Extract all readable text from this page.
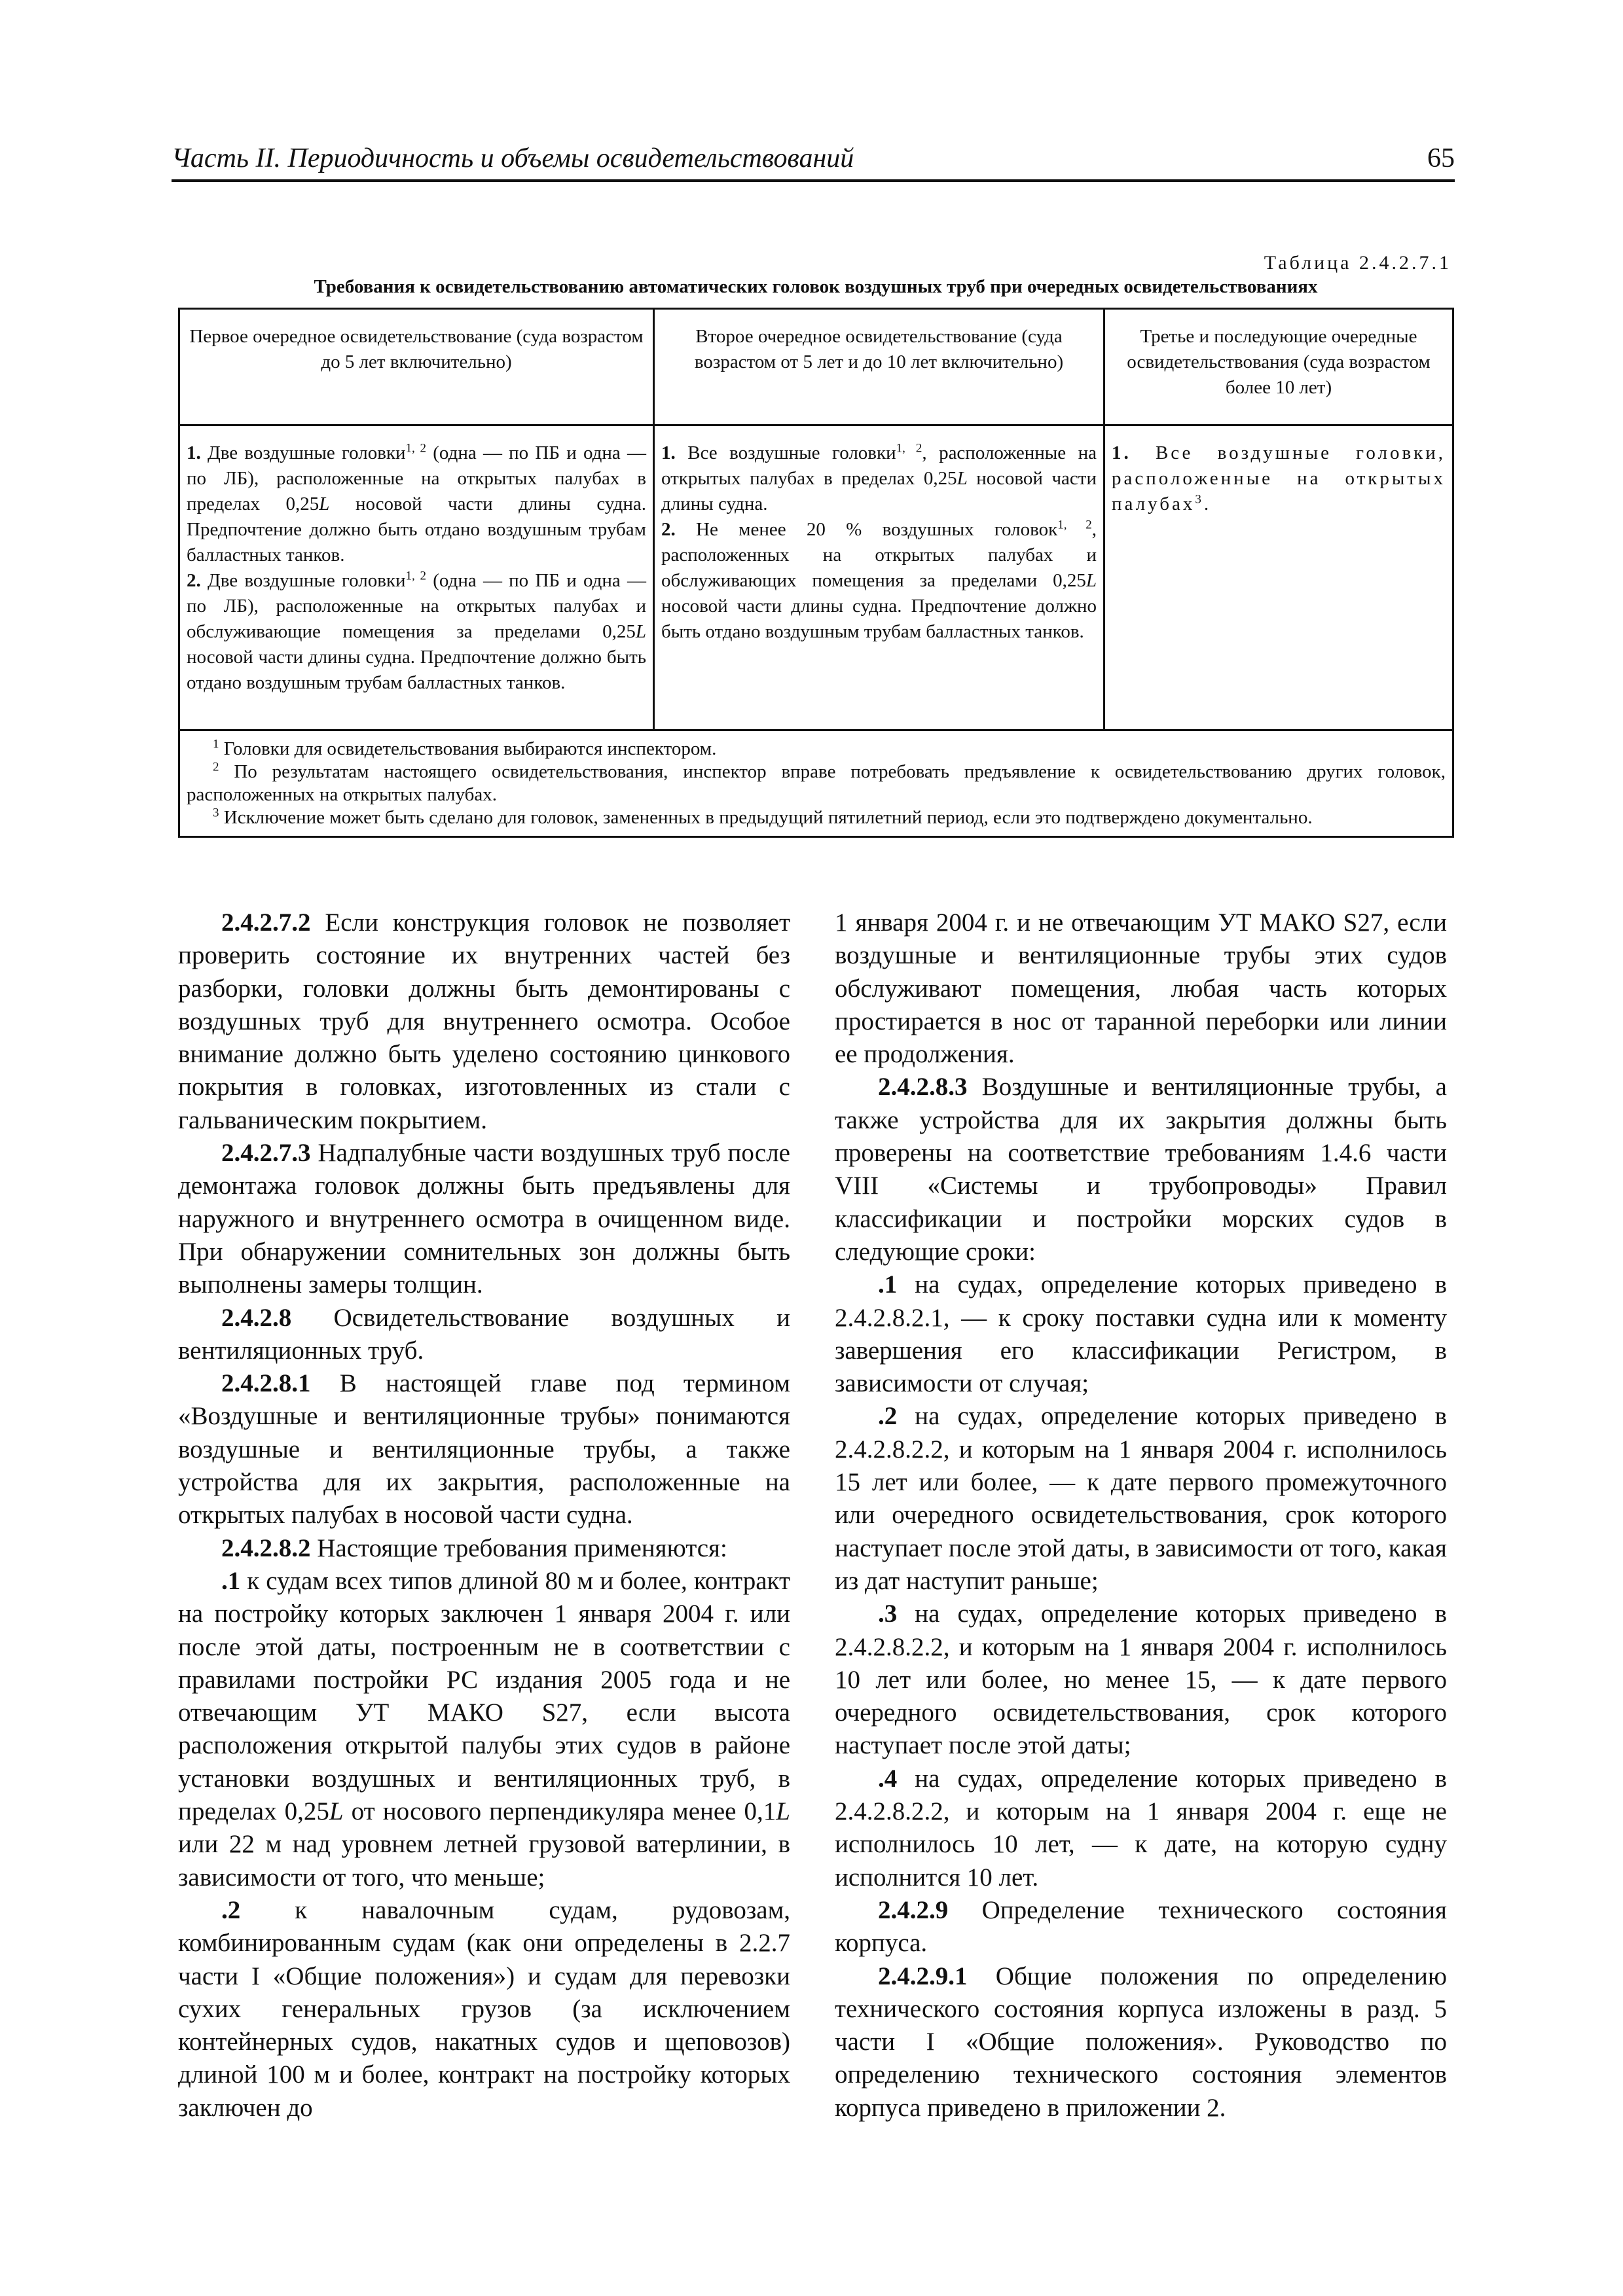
Часть II. Периодичность и объемы освидетельствований	65
Таблица 2.4.2.7.1
Требования к освидетельствованию автоматических головок воздушных труб при очередных освидетельствованиях
Первое очередное освидетельствование (суда возрастом до 5 лет включительно)
Второе очередное освидетельствование (суда возрастом от 5 лет и до 10 лет включительно)
Третье и последующие очередные освидетельствования (суда возрастом более 10 лет)

1. Две воздушные головки$^{1, 2}$ (одна — по ПБ и одна — по ЛБ), расположенные на открытых палубах в пределах 0,25L носовой части длины судна. Предпочтение должно быть отдано воздушным трубам балластных танков.

2. Две воздушные головки$^{1, 2}$ (одна — по ПБ и одна — по ЛБ), расположенные на открытых палубах и обслуживающие помещения за пределами 0,25L носовой части длины судна. Предпочтение должно быть отдано воздушным трубам балластных танков.

1. Все воздушные головки$^{1, 2}$, расположенные на открытых палубах в пределах 0,25L носовой части длины судна.

2. Не менее 20 % воздушных головок$^{1, 2}$, расположенных на открытых палубах и обслуживающих помещения за пределами 0,25L носовой части длины судна. Предпочтение должно быть отдано воздушным трубам балластных танков.

1. Все воздушные головки, расположенные на открытых палубах$^3$.

$^1$ Головки для освидетельствования выбираются инспектором.

$^2$ По результатам настоящего освидетельствования, инспектор вправе потребовать предъявление к освидетельствованию других головок, расположенных на открытых палубах.

$^3$ Исключение может быть сделано для головок, замененных в предыдущий пятилетний период, если это подтверждено документально.

2.4.2.7.2 Если конструкция головок не позволяет проверить состояние их внутренних частей без разборки, головки должны быть демонтированы с воздушных труб для внутреннего осмотра. Особое внимание должно быть уделено состоянию цинкового покрытия в головках, изготовленных из стали с гальваническим покрытием.

2.4.2.7.3 Надпалубные части воздушных труб после демонтажа головок должны быть предъявлены для наружного и внутреннего осмотра в очищенном виде. При обнаружении сомнительных зон должны быть выполнены замеры толщин.

2.4.2.8 Освидетельствование воздушных и вентиляционных труб.

2.4.2.8.1 В настоящей главе под термином «Воздушные и вентиляционные трубы» понимаются воздушные и вентиляционные трубы, а также устройства для их закрытия, расположенные на открытых палубах в носовой части судна.

2.4.2.8.2 Настоящие требования применяются:

.1 к судам всех типов длиной 80 м и более, контракт на постройку которых заключен 1 января 2004 г. или после этой даты, построенным не в соответствии с правилами постройки РС издания 2005 года и не отвечающим УТ МАКО S27, если высота расположения открытой палубы этих судов в районе установки воздушных и вентиляционных труб, в пределах 0,25L от носового перпендикуляра менее 0,1L или 22 м над уровнем летней грузовой ватерлинии, в зависимости от того, что меньше;

.2 к навалочным судам, рудовозам, комбинированным судам (как они определены в 2.2.7 части I «Общие положения») и судам для перевозки сухих генеральных грузов (за исключением контейнерных судов, накатных судов и щеповозов) длиной 100 м и более, контракт на постройку которых заключен до

1 января 2004 г. и не отвечающим УТ МАКО S27, если воздушные и вентиляционные трубы этих судов обслуживают помещения, любая часть которых простирается в нос от таранной переборки или линии ее продолжения.

2.4.2.8.3 Воздушные и вентиляционные трубы, а также устройства для их закрытия должны быть проверены на соответствие требованиям 1.4.6 части VIII «Системы и трубопроводы» Правил классификации и постройки морских судов в следующие сроки:

.1 на судах, определение которых приведено в 2.4.2.8.2.1, — к сроку поставки судна или к моменту завершения его классификации Регистром, в зависимости от случая;

.2 на судах, определение которых приведено в 2.4.2.8.2.2, и которым на 1 января 2004 г. исполнилось 15 лет или более, — к дате первого промежуточного или очередного освидетельствования, срок которого наступает после этой даты, в зависимости от того, какая из дат наступит раньше;

.3 на судах, определение которых приведено в 2.4.2.8.2.2, и которым на 1 января 2004 г. исполнилось 10 лет или более, но менее 15, — к дате первого очередного освидетельствования, срок которого наступает после этой даты;

.4 на судах, определение которых приведено в 2.4.2.8.2.2, и которым на 1 января 2004 г. еще не исполнилось 10 лет, — к дате, на которую судну исполнится 10 лет.

2.4.2.9 Определение технического состояния корпуса.

2.4.2.9.1 Общие положения по определению технического состояния корпуса изложены в разд. 5 части I «Общие положения». Руководство по определению технического состояния элементов корпуса приведено в приложении 2.
